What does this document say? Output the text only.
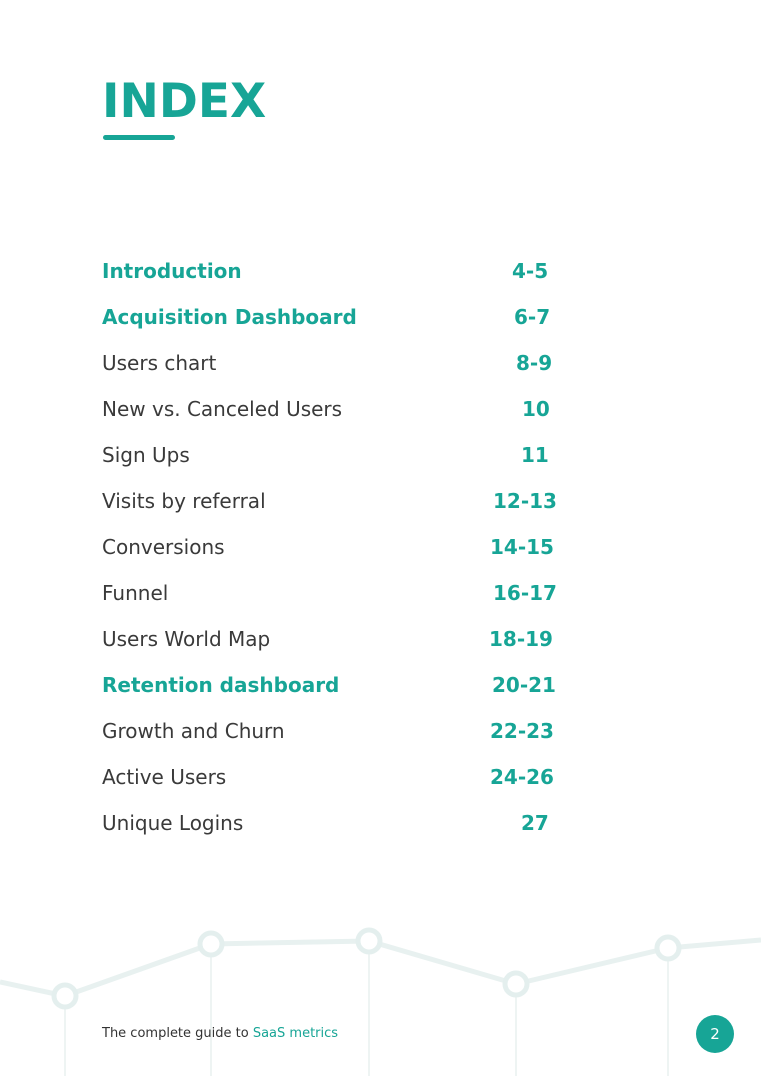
INDEX
Introduction	4-5
Acquisition Dashboard	6-7
Users chart	8-9
New vs. Canceled Users	10
Sign Ups	11
Visits by referral	12-13
Conversions	14-15
Funnel	16-17
Users World Map	18-19
Retention dashboard	20-21
Growth and Churn	22-23
Active Users	24-26
Unique Logins	27
The complete guide to SaaS metrics	2
